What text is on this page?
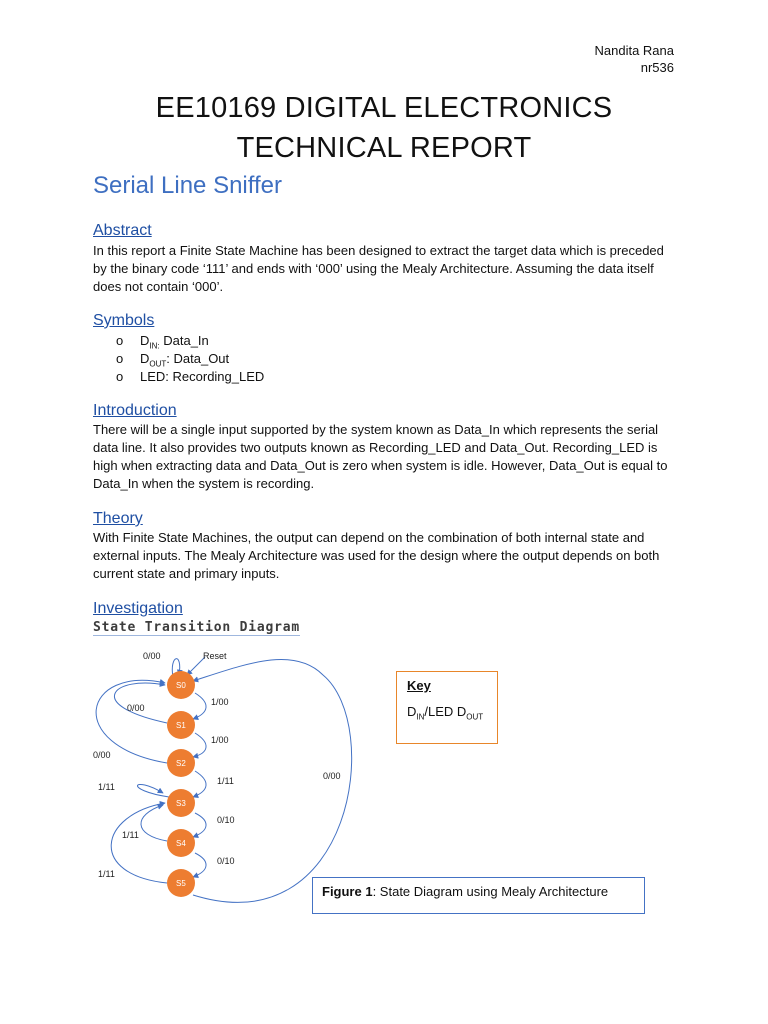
Nandita Rana
nr536
EE10169 DIGITAL ELECTRONICS
TECHNICAL REPORT
Serial Line Sniffer
Abstract
In this report a Finite State Machine has been designed to extract the target data which is preceded
by the binary code ‘111’ and ends with ‘000’ using the Mealy Architecture. Assuming the data itself
does not contain ‘000’.
Symbols
o $D_{IN:}$ Data_In
o $D_{OUT}$: Data_Out
o LED: Recording_LED
Introduction
There will be a single input supported by the system known as Data_In which represents the serial
data line. It also provides two outputs known as Recording_LED and Data_Out. Recording_LED is
high when extracting data and Data_Out is zero when system is idle. However, Data_Out is equal to
Data_In when the system is recording.
Theory
With Finite State Machines, the output can depend on the combination of both internal state and
external inputs. The Mealy Architecture was used for the design where the output depends on both
current state and primary inputs.
Investigation
State Transition Diagram
S0
S1
S2
S3
S4
S5
0/00	Reset
1/00
0/00
1/00
0/00
1/11
1/11
0/00
0/10
1/11
0/10
1/11
Key
$D_{IN}$/LED $D_{OUT}$
Figure 1: State Diagram using Mealy Architecture
